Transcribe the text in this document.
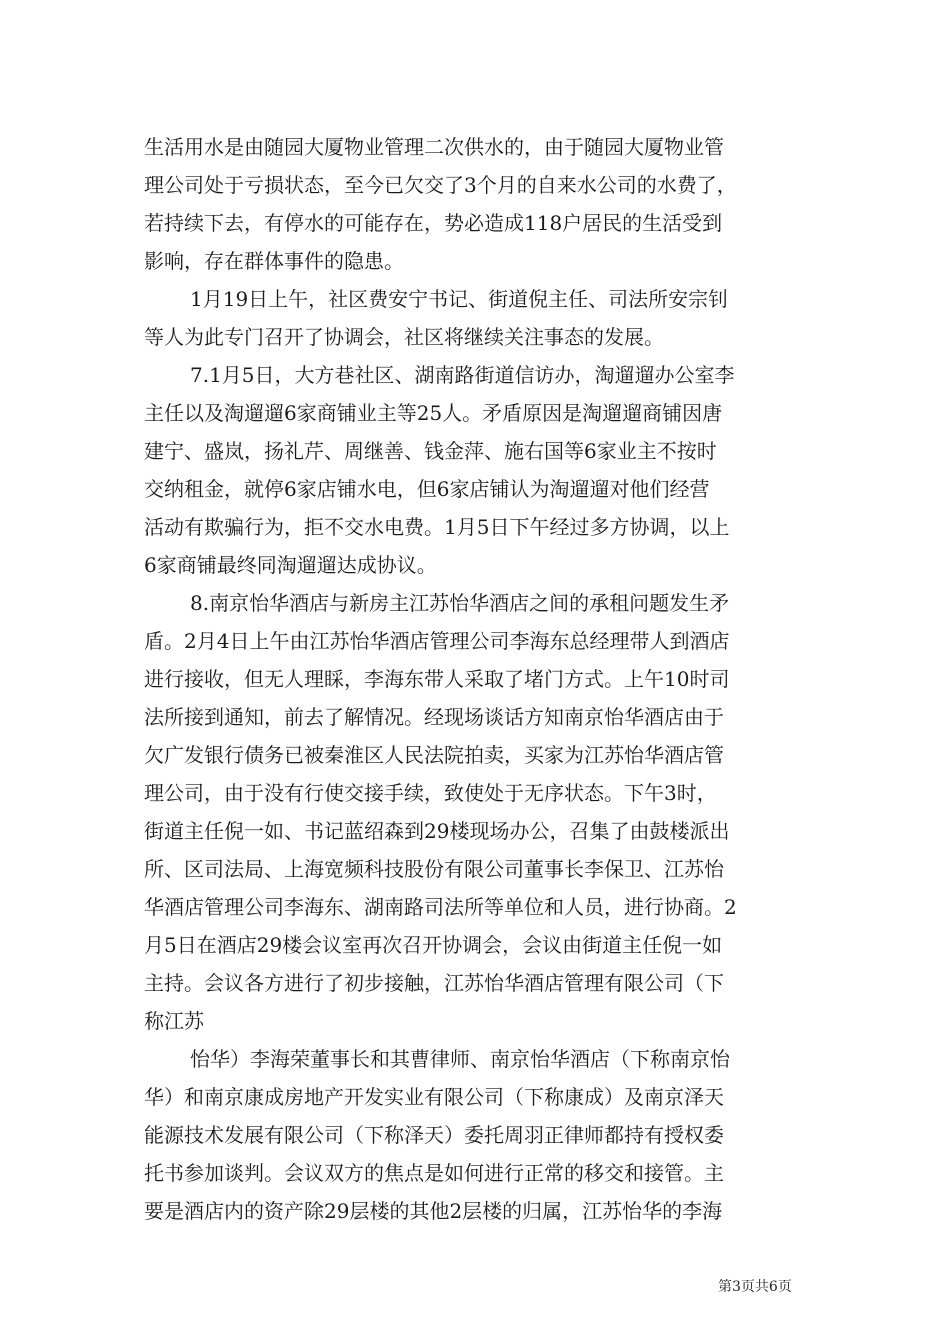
生活用水是由随园大厦物业管理二次供水的，由于随园大厦物业管
理公司处于亏损状态，至今已欠交了3个月的自来水公司的水费了，
若持续下去，有停水的可能存在，势必造成118户居民的生活受到
影响，存在群体事件的隐患。
1月19日上午，社区费安宁书记、街道倪主任、司法所安宗钊
等人为此专门召开了协调会，社区将继续关注事态的发展。
7.1月5日，大方巷社区、湖南路街道信访办，淘遛遛办公室李
主任以及淘遛遛6家商铺业主等25人。矛盾原因是淘遛遛商铺因唐
建宁、盛岚，扬礼芹、周继善、钱金萍、施右国等6家业主不按时
交纳租金，就停6家店铺水电，但6家店铺认为淘遛遛对他们经营
活动有欺骗行为，拒不交水电费。1月5日下午经过多方协调，以上
6家商铺最终同淘遛遛达成协议。
8.南京怡华酒店与新房主江苏怡华酒店之间的承租问题发生矛
盾。2月4日上午由江苏怡华酒店管理公司李海东总经理带人到酒店
进行接收，但无人理睬，李海东带人采取了堵门方式。上午10时司
法所接到通知，前去了解情况。经现场谈话方知南京怡华酒店由于
欠广发银行债务已被秦淮区人民法院拍卖，买家为江苏怡华酒店管
理公司，由于没有行使交接手续，致使处于无序状态。下午3时，
街道主任倪一如、书记蓝绍森到29楼现场办公，召集了由鼓楼派出
所、区司法局、上海宽频科技股份有限公司董事长李保卫、江苏怡
华酒店管理公司李海东、湖南路司法所等单位和人员，进行协商。2
月5日在酒店29楼会议室再次召开协调会，会议由街道主任倪一如
主持。会议各方进行了初步接触，江苏怡华酒店管理有限公司（下
称江苏
怡华）李海荣董事长和其曹律师、南京怡华酒店（下称南京怡
华）和南京康成房地产开发实业有限公司（下称康成）及南京泽天
能源技术发展有限公司（下称泽天）委托周羽正律师都持有授权委
托书参加谈判。会议双方的焦点是如何进行正常的移交和接管。主
要是酒店内的资产除29层楼的其他2层楼的归属，江苏怡华的李海
第3页共6页
